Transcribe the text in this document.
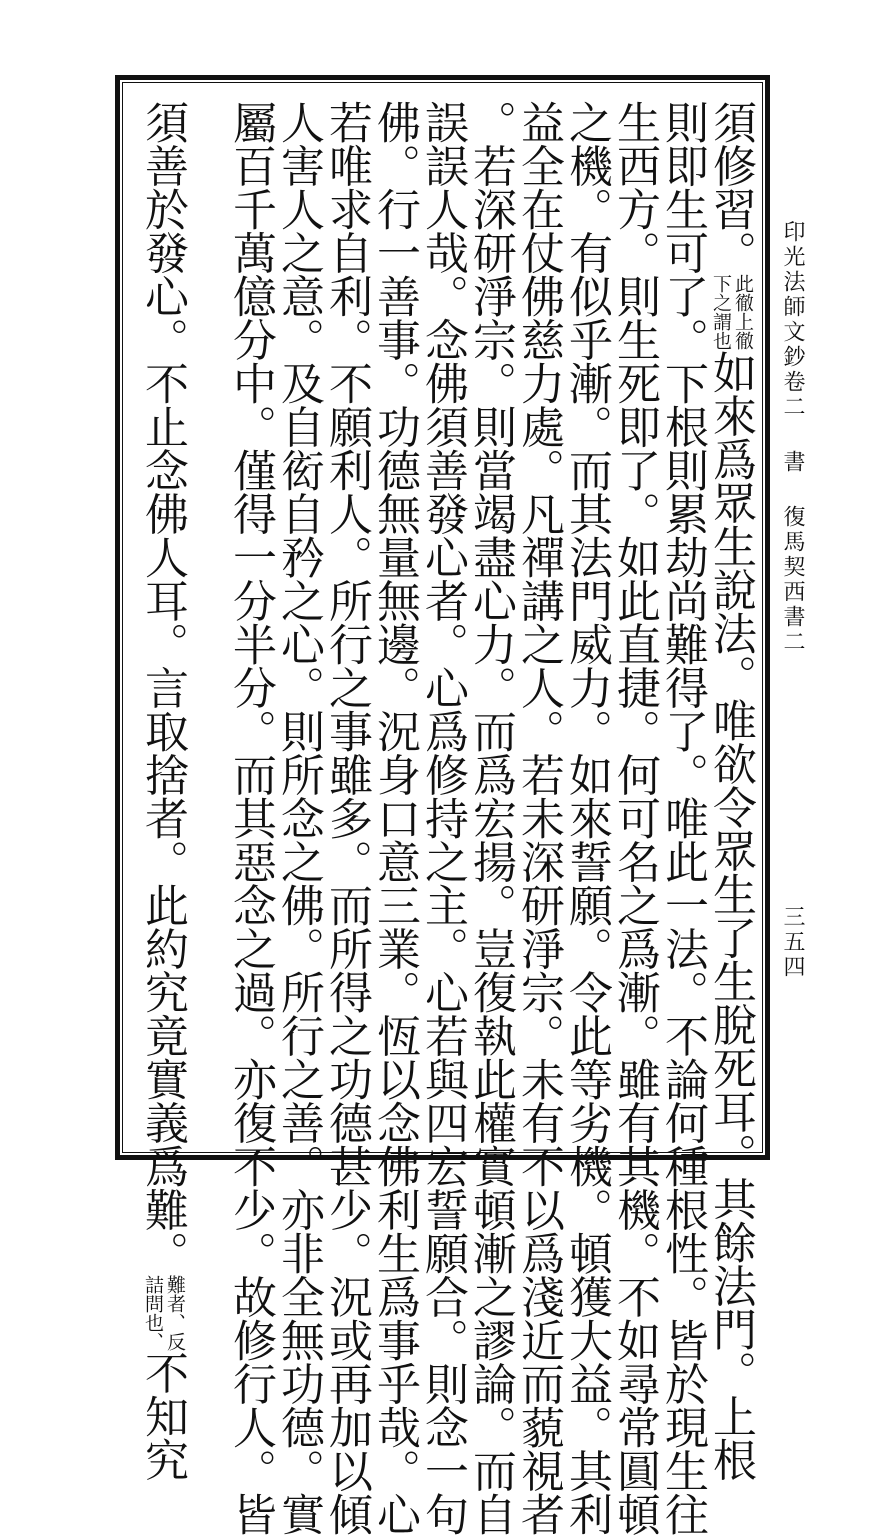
印光法師文鈔卷二書復馬契西書二
三五四
須修習。
此徹上徹
下之謂也
如來爲眾生說法。唯欲令眾生了生脫死耳。其餘法門。上根
則即生可了。下根則累劫尚難得了。唯此一法。不論何種根性。皆於現生往
生西方。則生死即了。如此直捷。何可名之爲漸。雖有其機。不如尋常圓頓
之機。有似乎漸。而其法門威力。如來誓願。令此等劣機。頓獲大益。其利
益全在仗佛慈力處。凡禪講之人。若未深研淨宗。未有不以爲淺近而藐視者
。若深研淨宗。則當竭盡心力。而爲宏揚。豈復執此權實頓漸之謬論。而自
誤誤人哉。念佛須善發心者。心爲修持之主。心若與四宏誓願合。則念一句
佛。行一善事。功德無量無邊。況身口意三業。恆以念佛利生爲事乎哉。心
若唯求自利。不願利人。所行之事雖多。而所得之功德甚少。況或再加以傾
人害人之意。及自衒自矜之心。則所念之佛。所行之善。亦非全無功德。實
屬百千萬億分中。僅得一分半分。而其惡念之過。亦復不少。故修行人。皆
須善於發心。不止念佛人耳。言取捨者。此約究竟實義爲難。
難者、反
詰問也、
不知究
